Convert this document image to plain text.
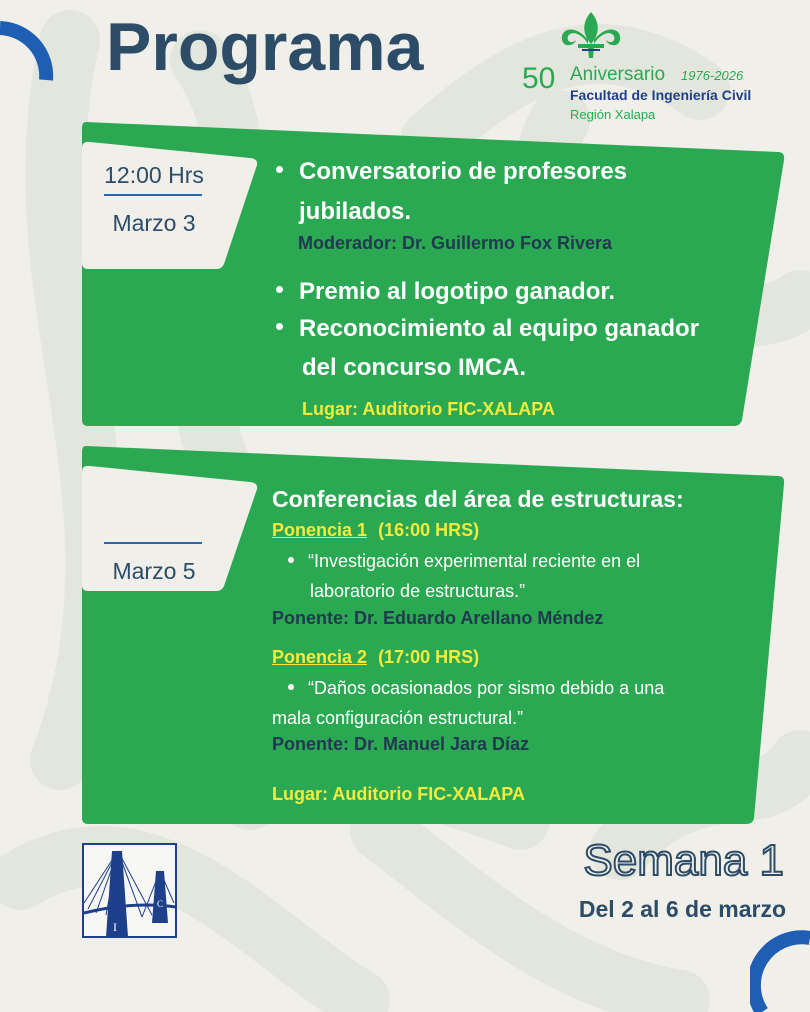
Programa	50 Aniversario 1976-2026
Facultad de Ingeniería Civil
Región Xalapa
12:00 Hrs
Marzo 3
Conversatorio de profesores
jubilados.
Moderador: Dr. Guillermo Fox Rivera
Premio al logotipo ganador.
Reconocimiento al equipo ganador
del concurso IMCA.
Lugar: Auditorio FIC-XALAPA
Marzo 5
Conferencias del área de estructuras:
Ponencia 1 (16:00 HRS)
“Investigación experimental reciente en el
laboratorio de estructuras.”
Ponente: Dr. Eduardo Arellano Méndez
Ponencia 2 (17:00 HRS)
“Daños ocasionados por sismo debido a una
mala configuración estructural.”
Ponente: Dr. Manuel Jara Díaz
Lugar: Auditorio FIC-XALAPA
I
C
Semana 1
Del 2 al 6 de marzo
